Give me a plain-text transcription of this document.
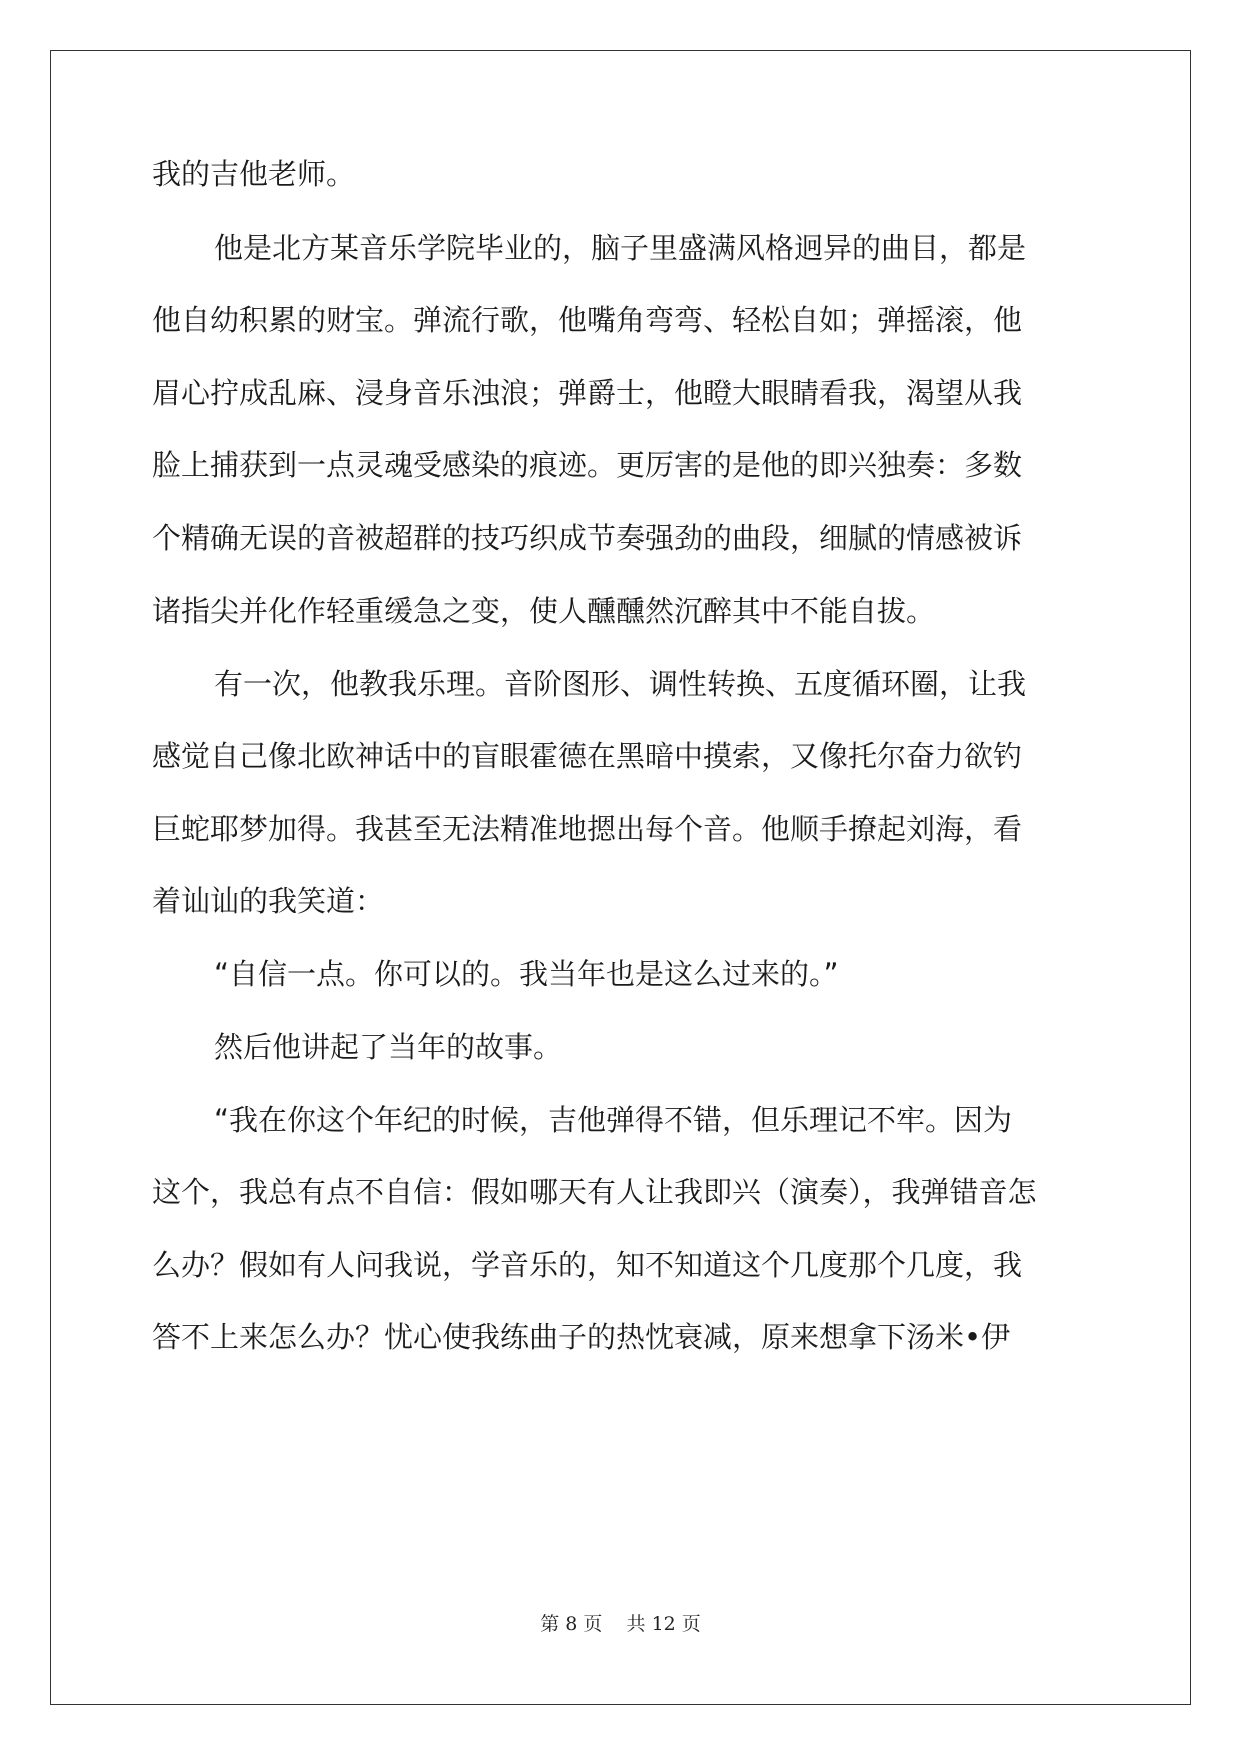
我的吉他老师。
他是北方某音乐学院毕业的，脑子里盛满风格迥异的曲目，都是
他自幼积累的财宝。弹流行歌，他嘴角弯弯、轻松自如；弹摇滚，他
眉心拧成乱麻、浸身音乐浊浪；弹爵士，他瞪大眼睛看我，渴望从我
脸上捕获到一点灵魂受感染的痕迹。更厉害的是他的即兴独奏：多数
个精确无误的音被超群的技巧织成节奏强劲的曲段，细腻的情感被诉
诸指尖并化作轻重缓急之变，使人醺醺然沉醉其中不能自拔。
有一次，他教我乐理。音阶图形、调性转换、五度循环圈，让我
感觉自己像北欧神话中的盲眼霍德在黑暗中摸索，又像托尔奋力欲钓
巨蛇耶梦加得。我甚至无法精准地摁出每个音。他顺手撩起刘海，看
着讪讪的我笑道：
“自信一点。你可以的。我当年也是这么过来的。”
然后他讲起了当年的故事。
“我在你这个年纪的时候，吉他弹得不错，但乐理记不牢。因为
这个，我总有点不自信：假如哪天有人让我即兴（演奏），我弹错音怎
么办？假如有人问我说，学音乐的，知不知道这个几度那个几度，我
答不上来怎么办？忧心使我练曲子的热忱衰减，原来想拿下汤米•伊
第 8 页    共 12 页
